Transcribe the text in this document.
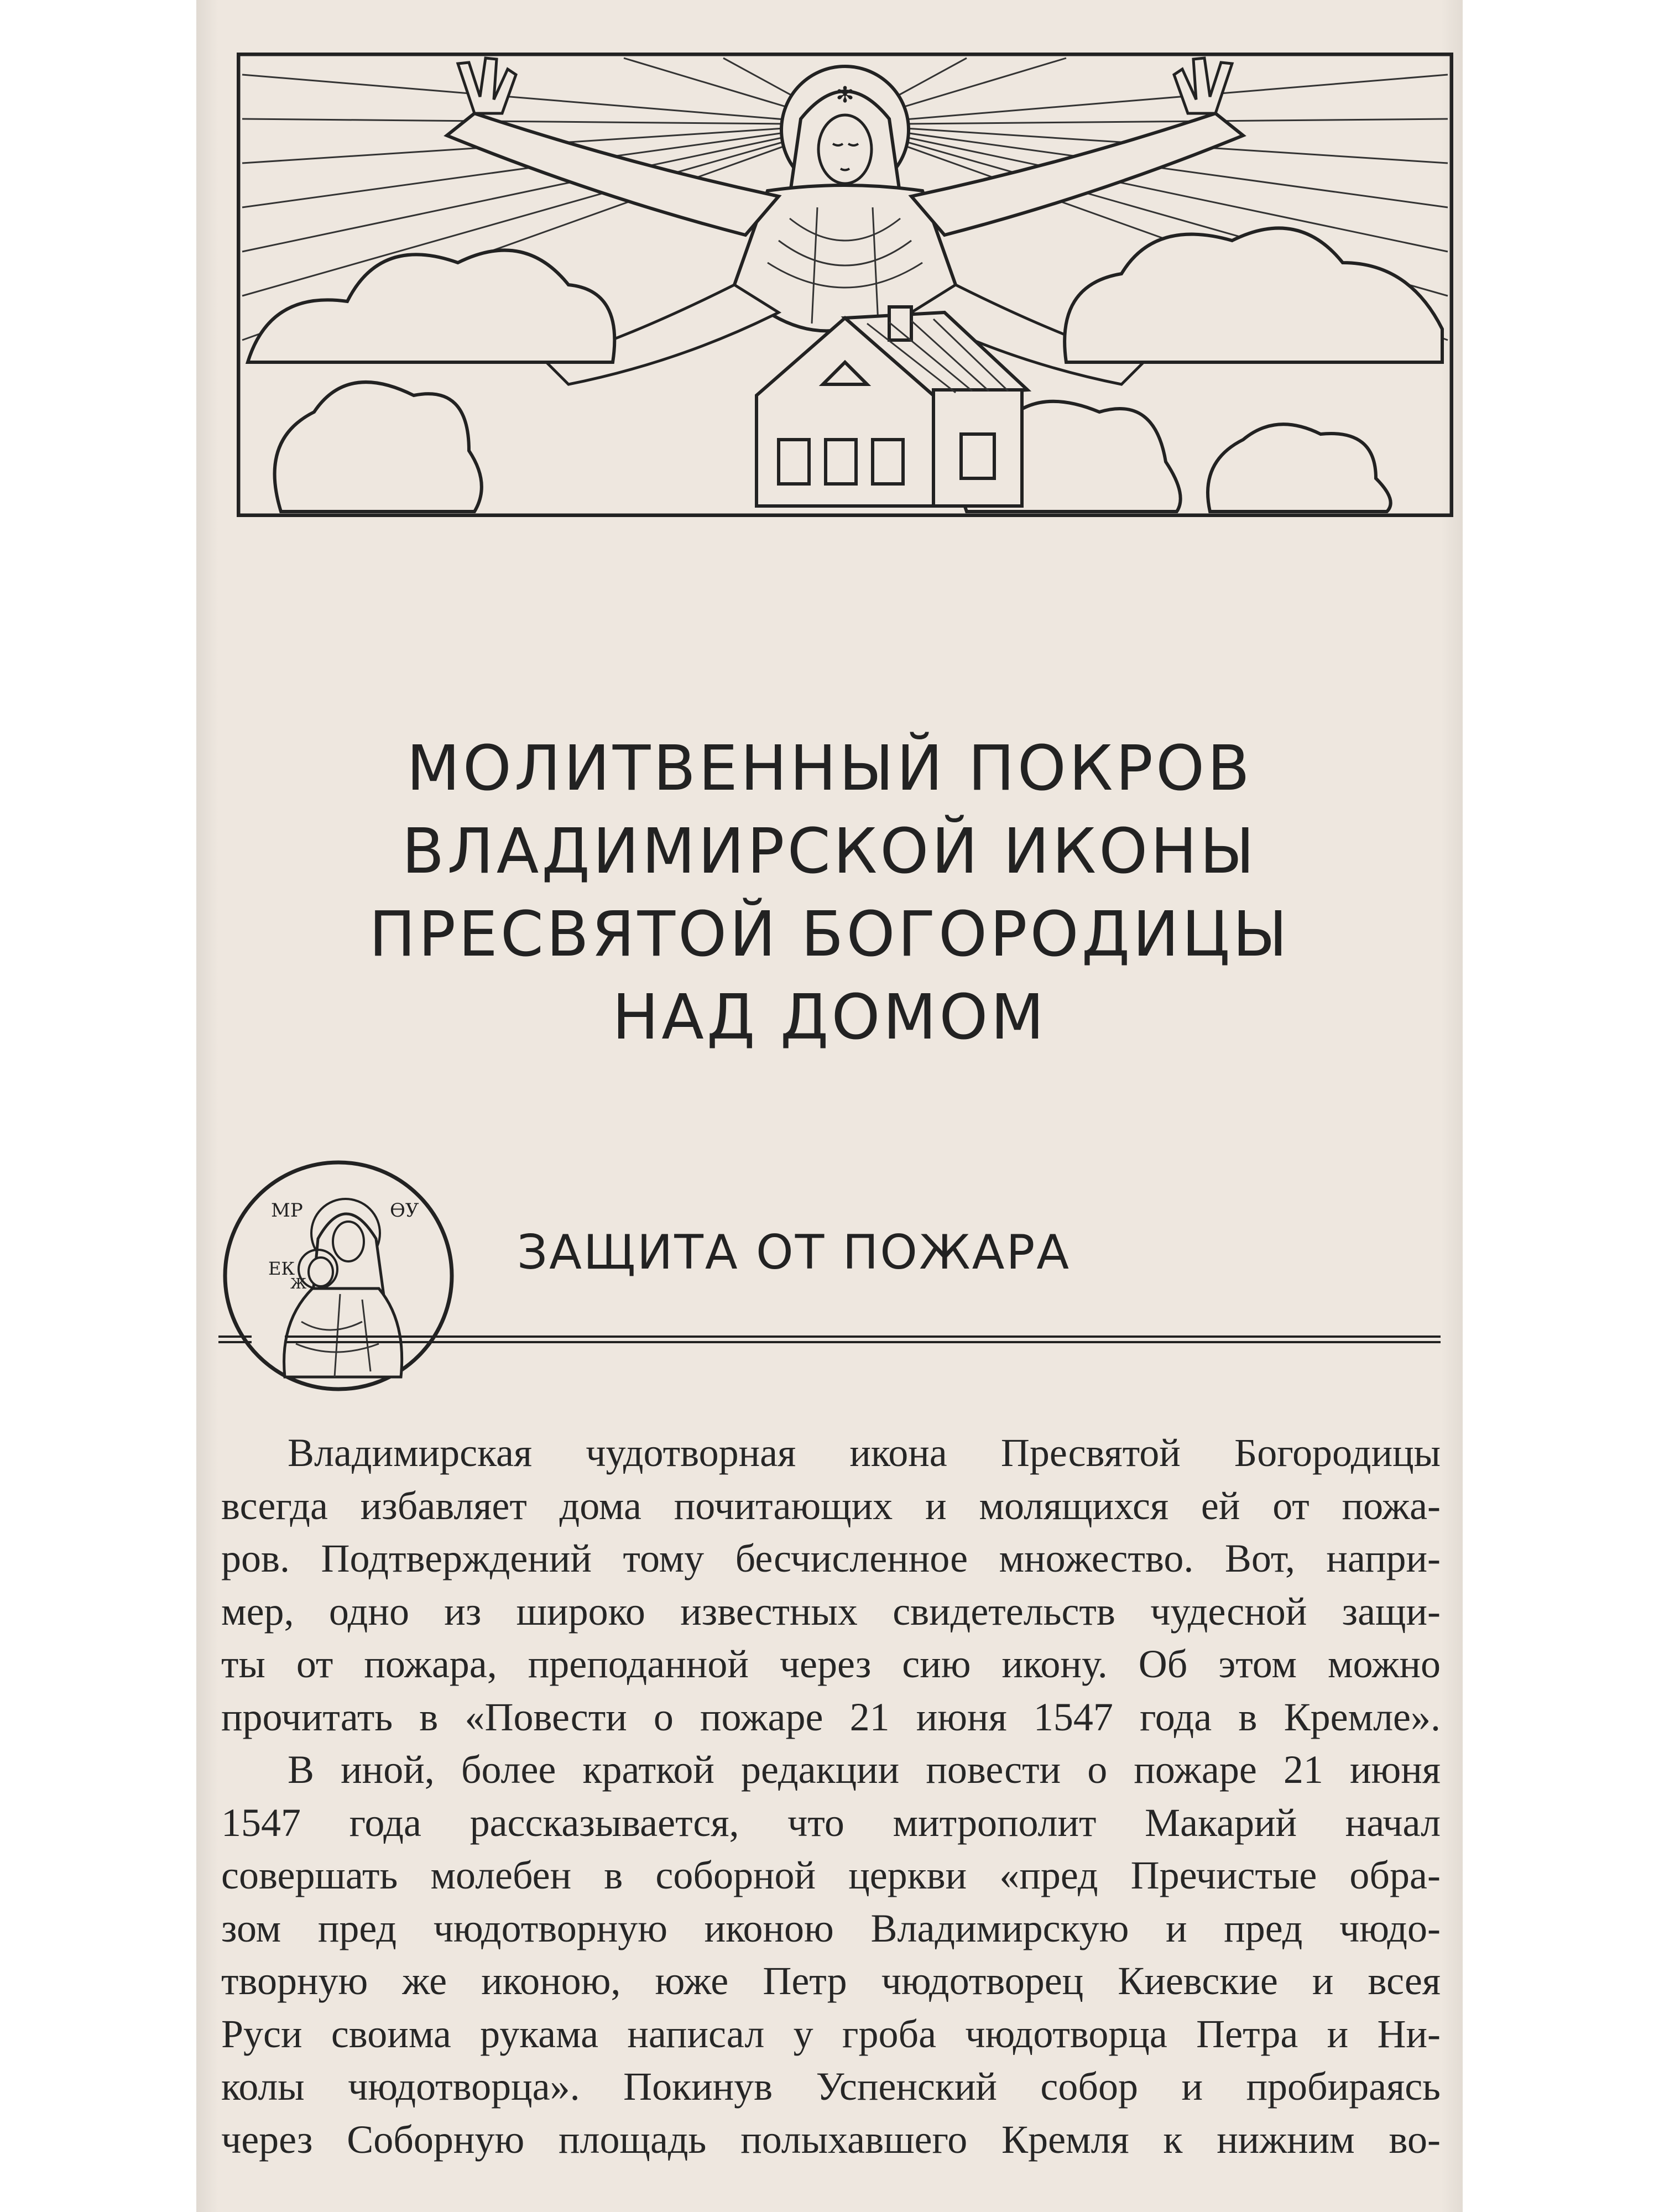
✻
МОЛИТВЕННЫЙ ПОКРОВ
ВЛАДИМИРСКОЙ ИКОНЫ
ПРЕСВЯТОЙ БОГОРОДИЦЫ
НАД ДОМОМ
МР	ѲУ
ЕК
Ж
ЗАЩИТА ОТ ПОЖАРА
Владимирская чудотворная икона Пресвятой Богородицы
всегда избавляет дома почитающих и молящихся ей от пожа-
ров. Подтверждений тому бесчисленное множество. Вот, напри-
мер, одно из широко известных свидетельств чудесной защи-
ты от пожара, преподанной через сию икону. Об этом можно
прочитать в «Повести о пожаре 21 июня 1547 года в Кремле».
В иной, более краткой редакции повести о пожаре 21 июня
1547 года рассказывается, что митрополит Макарий начал
совершать молебен в соборной церкви «пред Пречистые обра-
зом пред чюдотворную иконою Владимирскую и пред чюдо-
творную же иконою, юже Петр чюдотворец Киевские и всея
Руси своима рукама написал у гроба чюдотворца Петра и Ни-
колы чюдотворца». Покинув Успенский собор и пробираясь
через Соборную площадь полыхавшего Кремля к нижним во-
